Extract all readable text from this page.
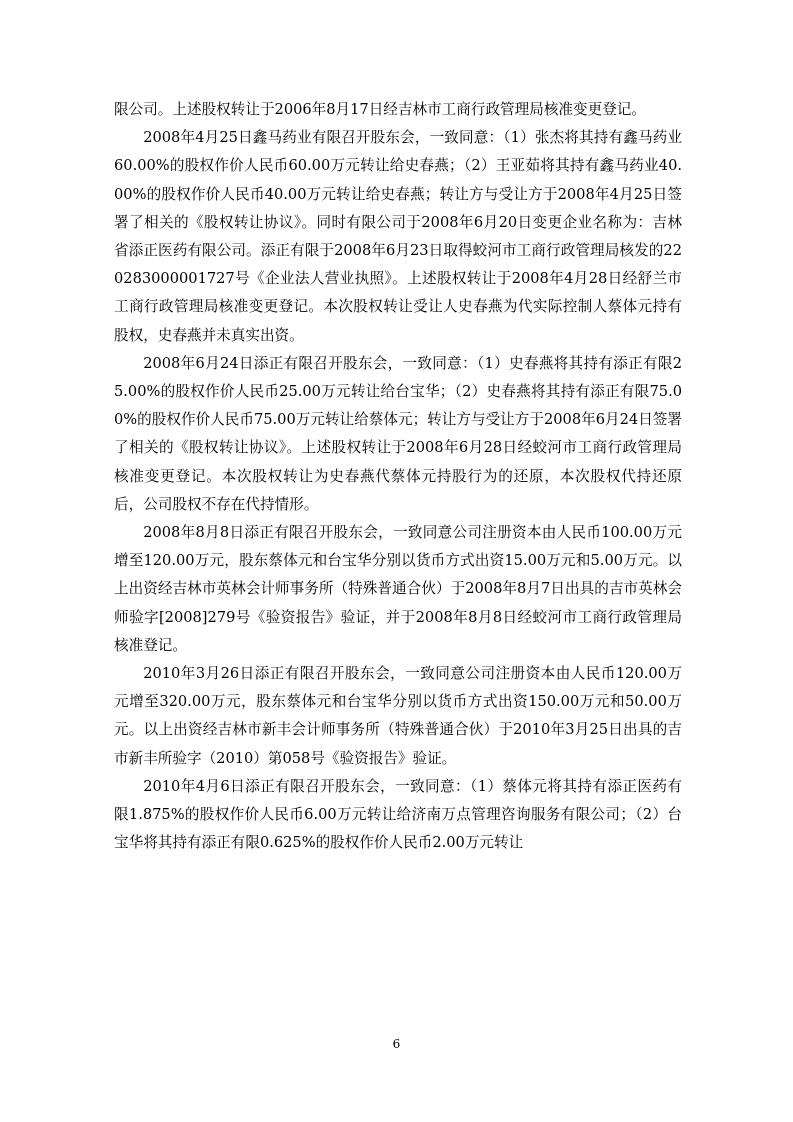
限公司。上述股权转让于2006年8月17日经吉林市工商行政管理局核准变更登记。

2008年4月25日鑫马药业有限召开股东会，一致同意：（1）张杰将其持有鑫马药业60.00%的股权作价人民币60.00万元转让给史春燕；（2）王亚茹将其持有鑫马药业40.00%的股权作价人民币40.00万元转让给史春燕；转让方与受让方于2008年4月25日签署了相关的《股权转让协议》。同时有限公司于2008年6月20日变更企业名称为：吉林省添正医药有限公司。添正有限于2008年6月23日取得蛟河市工商行政管理局核发的220283000001727号《企业法人营业执照》。上述股权转让于2008年4月28日经舒兰市工商行政管理局核准变更登记。本次股权转让受让人史春燕为代实际控制人蔡体元持有股权，史春燕并未真实出资。

2008年6月24日添正有限召开股东会，一致同意：（1）史春燕将其持有添正有限25.00%的股权作价人民币25.00万元转让给台宝华；（2）史春燕将其持有添正有限75.00%的股权作价人民币75.00万元转让给蔡体元；转让方与受让方于2008年6月24日签署了相关的《股权转让协议》。上述股权转让于2008年6月28日经蛟河市工商行政管理局核准变更登记。本次股权转让为史春燕代蔡体元持股行为的还原，本次股权代持还原后，公司股权不存在代持情形。

2008年8月8日添正有限召开股东会，一致同意公司注册资本由人民币100.00万元增至120.00万元，股东蔡体元和台宝华分别以货币方式出资15.00万元和5.00万元。以上出资经吉林市英林会计师事务所（特殊普通合伙）于2008年8月7日出具的吉市英林会师验字[2008]279号《验资报告》验证，并于2008年8月8日经蛟河市工商行政管理局核准登记。

2010年3月26日添正有限召开股东会，一致同意公司注册资本由人民币120.00万元增至320.00万元，股东蔡体元和台宝华分别以货币方式出资150.00万元和50.00万元。以上出资经吉林市新丰会计师事务所（特殊普通合伙）于2010年3月25日出具的吉市新丰所验字（2010）第058号《验资报告》验证。

2010年4月6日添正有限召开股东会，一致同意：（1）蔡体元将其持有添正医药有限1.875%的股权作价人民币6.00万元转让给济南万点管理咨询服务有限公司；（2）台宝华将其持有添正有限0.625%的股权作价人民币2.00万元转让

6
